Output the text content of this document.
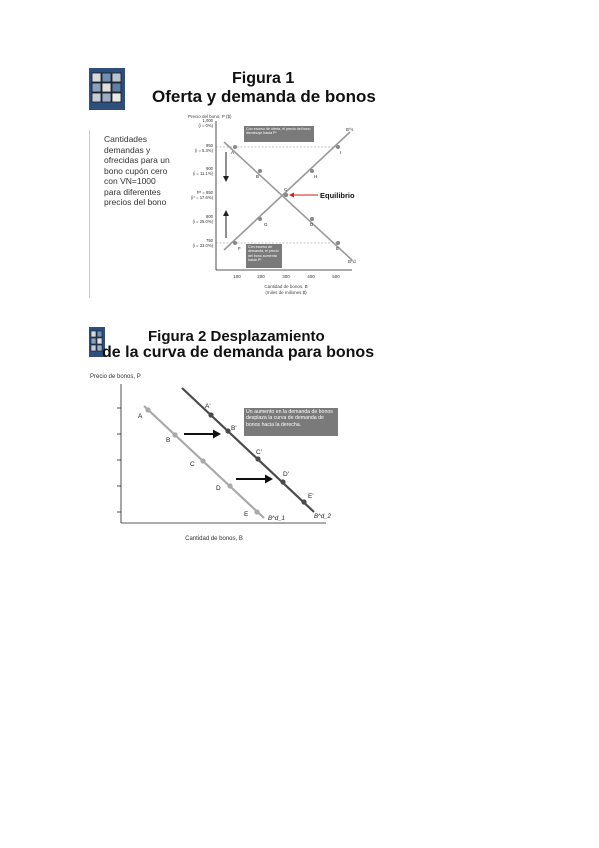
Figura 1
Oferta y demanda de bonos
Cantidades demandas y ofrecidas para un bono cupón cero con VN=1000 para diferentes precios del bono
Precio del bono, P ($)
1,000
(i = 0%)
950
(i = 5.3%)
900
(i = 11.1%)
P* = 850
(i* = 17.6%)
800
(i = 25.0%)
750
(i = 33.0%)
B^s
B^d
A
B
C
D
E
F
G
H
I
Con exceso de oferta, el precio del bono disminuye hasta P*
Con exceso de demanda, el precio del bono aumenta hasta P*
Equilibrio
100	200	300	400	500
Cantidad de bonos, B
(miles de millones $)
Figura 2 Desplazamiento
de la curva de demanda para bonos
Precio de bonos, P
A
B
C
D
E
A'
B'
C'
D'
E'
B^d_1	B^d_2
Un aumento en la demanda de bonos desplaza la curva de demanda de bonos hacia la derecha.
Cantidad de bonos, B
